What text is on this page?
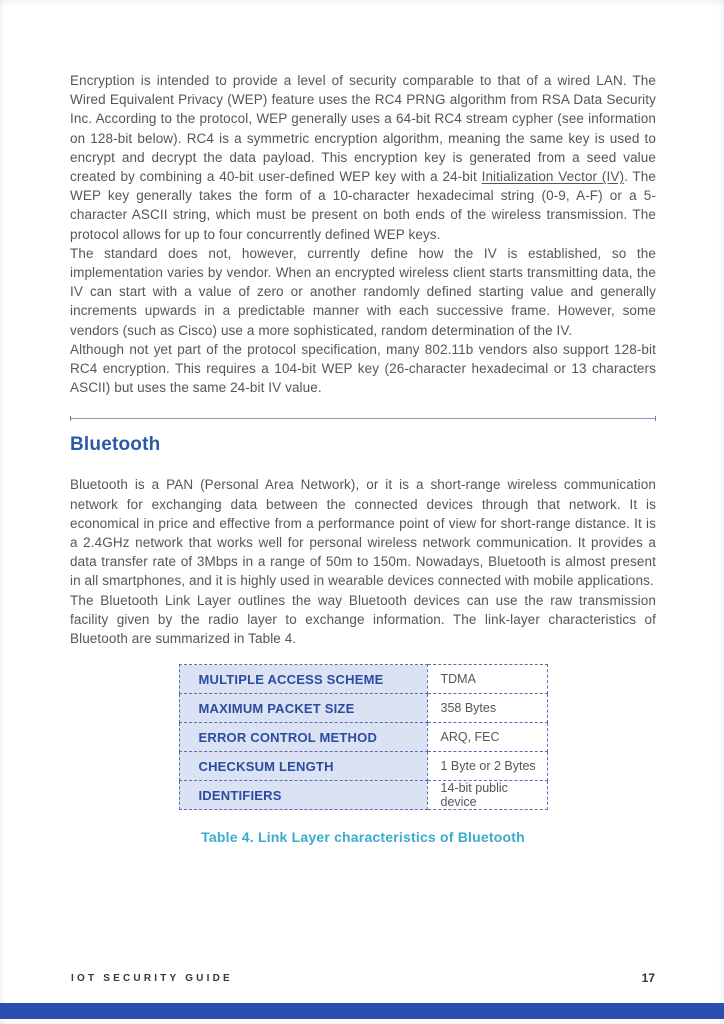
Encryption is intended to provide a level of security comparable to that of a wired LAN. The Wired Equivalent Privacy (WEP) feature uses the RC4 PRNG algorithm from RSA Data Security Inc. According to the protocol, WEP generally uses a 64-bit RC4 stream cypher (see information on 128-bit below). RC4 is a symmetric encryption algorithm, meaning the same key is used to encrypt and decrypt the data payload. This encryption key is generated from a seed value created by combining a 40-bit user-defined WEP key with a 24-bit Initialization Vector (IV). The WEP key generally takes the form of a 10-character hexadecimal string (0-9, A-F) or a 5-character ASCII string, which must be present on both ends of the wireless transmission. The protocol allows for up to four concurrently defined WEP keys.

The standard does not, however, currently define how the IV is established, so the implementation varies by vendor. When an encrypted wireless client starts transmitting data, the IV can start with a value of zero or another randomly defined starting value and generally increments upwards in a predictable manner with each successive frame. However, some vendors (such as Cisco) use a more sophisticated, random determination of the IV.

Although not yet part of the protocol specification, many 802.11b vendors also support 128-bit RC4 encryption. This requires a 104-bit WEP key (26-character hexadecimal or 13 characters ASCII) but uses the same 24-bit IV value.

Bluetooth

Bluetooth is a PAN (Personal Area Network), or it is a short-range wireless communication network for exchanging data between the connected devices through that network. It is economical in price and effective from a performance point of view for short-range distance. It is a 2.4GHz network that works well for personal wireless network communication. It provides a data transfer rate of 3Mbps in a range of 50m to 150m. Nowadays, Bluetooth is almost present in all smartphones, and it is highly used in wearable devices connected with mobile applications.

The Bluetooth Link Layer outlines the way Bluetooth devices can use the raw transmission facility given by the radio layer to exchange information. The link-layer characteristics of Bluetooth are summarized in Table 4.

MULTIPLE ACCESS SCHEME	TDMA
MAXIMUM PACKET SIZE	358 Bytes
ERROR CONTROL METHOD	ARQ, FEC
CHECKSUM LENGTH	1 Byte or 2 Bytes
IDENTIFIERS	14-bit public device
Table 4. Link Layer characteristics of Bluetooth
IOT SECURITY GUIDE	17
